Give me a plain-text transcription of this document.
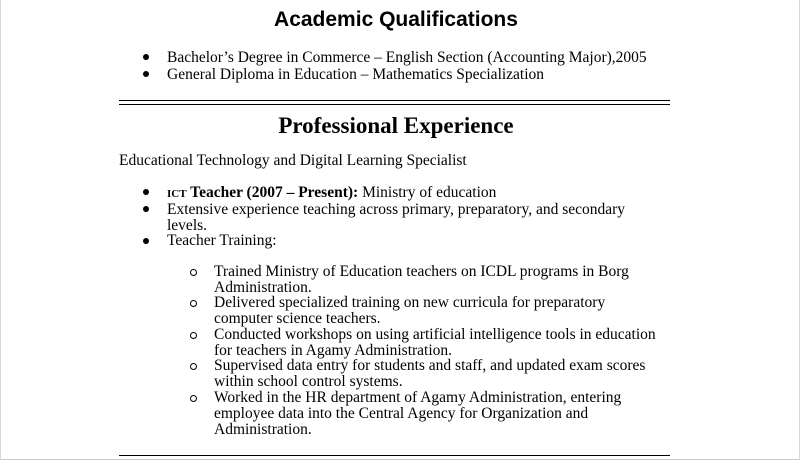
Academic Qualifications
Bachelor’s Degree in Commerce – English Section (Accounting Major),2005
General Diploma in Education – Mathematics Specialization
Professional Experience
Educational Technology and Digital Learning Specialist
ICT Teacher (2007 – Present): Ministry of education
Extensive experience teaching across primary, preparatory, and secondary
levels.
Teacher Training:
Trained Ministry of Education teachers on ICDL programs in Borg
Administration.
Delivered specialized training on new curricula for preparatory
computer science teachers.
Conducted workshops on using artificial intelligence tools in education
for teachers in Agamy Administration.
Supervised data entry for students and staff, and updated exam scores
within school control systems.
Worked in the HR department of Agamy Administration, entering
employee data into the Central Agency for Organization and
Administration.
